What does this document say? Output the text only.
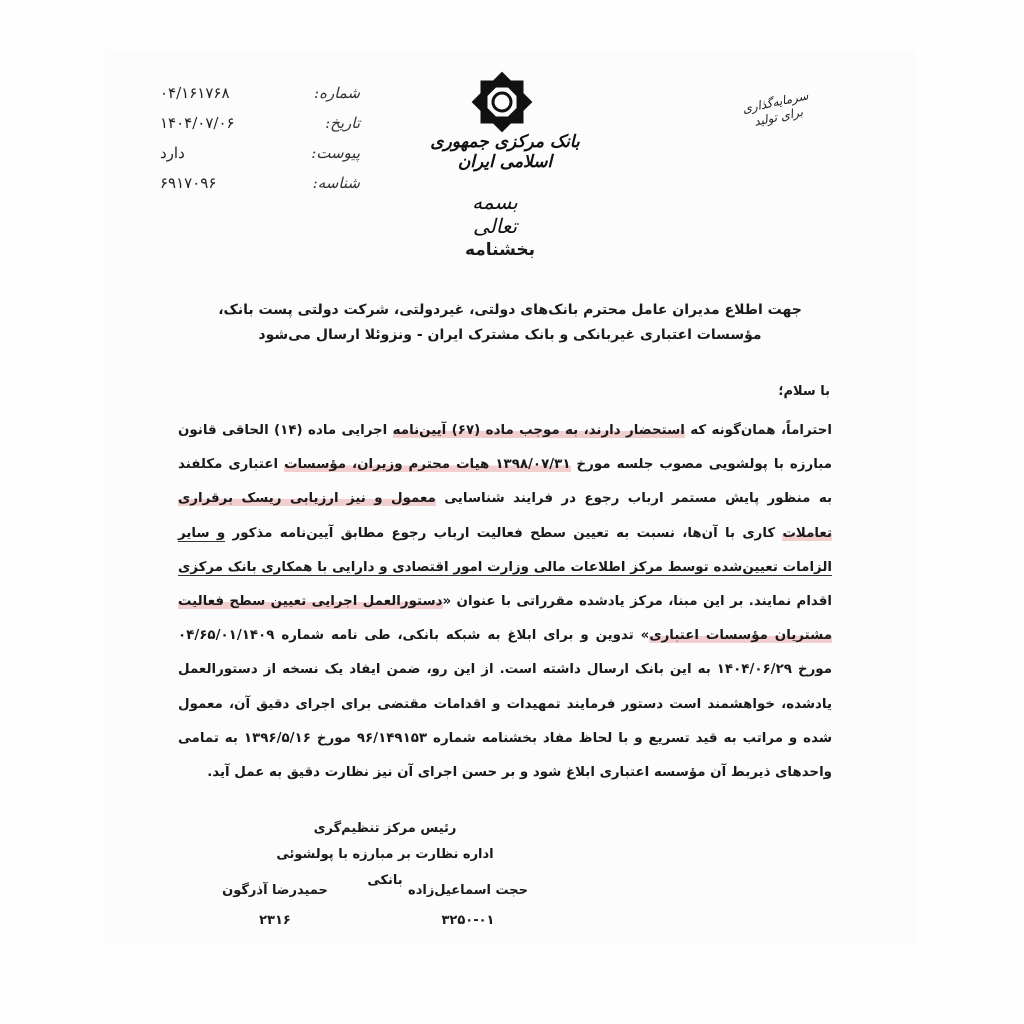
شماره:
۰۴/۱۶۱۷۶۸
تاریخ:
۱۴۰۴/۰۷/۰۶
پیوست:
دارد
شناسه:
۶۹۱۷۰۹۶
بانک مرکزی جمهوری اسلامی ایران
بسمه تعالی
بخشنامه
سرمایه‌گذاری برای تولید
جهت اطلاع مدیران عامل محترم بانک‌های دولتی، غیردولتی، شرکت دولتی پست بانک، مؤسسات اعتباری غیربانکی و بانک مشترک ایران - ونزوئلا ارسال می‌شود
با سلام؛
احتراماً، همان‌گونه که استحضار دارند، به موجب ماده (۶۷) آیین‌نامه اجرایی ماده (۱۴) الحاقی قانون مبارزه با پولشویی مصوب جلسه مورخ ۱۳۹۸/۰۷/۳۱ هیات محترم وزیران، مؤسسات اعتباری مکلفند به منظور پایش مستمر ارباب رجوع در فرایند شناسایی معمول و نیز ارزیابی ریسک برقراری تعاملات کاری با آن‌ها، نسبت به تعیین سطح فعالیت ارباب رجوع مطابق آیین‌نامه مذکور و سایر الزامات تعیین‌شده توسط مرکز اطلاعات مالی وزارت امور اقتصادی و دارایی با همکاری بانک مرکزی اقدام نمایند. بر این مبنا، مرکز یادشده مقرراتی با عنوان «دستورالعمل اجرایی تعیین سطح فعالیت مشتریان مؤسسات اعتباری» تدوین و برای ابلاغ به شبکه بانکی، طی نامه شماره ۰۴/۶۵/۰۱/۱۴۰۹ مورخ ۱۴۰۴/۰۶/۲۹ به این بانک ارسال داشته است. از این رو، ضمن ایفاد یک نسخه از دستورالعمل یادشده، خواهشمند است دستور فرمایند تمهیدات و اقدامات مقتضی برای اجرای دقیق آن، معمول شده و مراتب به قید تسریع و با لحاظ مفاد بخشنامه شماره ۹۶/۱۴۹۱۵۳ مورخ ۱۳۹۶/۵/۱۶ به تمامی واحدهای ذیربط آن مؤسسه اعتباری ابلاغ شود و بر حسن اجرای آن نیز نظارت دقیق به عمل آید.
رئیس مرکز تنظیم‌گری
اداره نظارت بر مبارزه با پولشوئی بانکی
حجت اسماعیل‌زاده
۳۲۵۰-۰۱
حمیدرضا آذرگون
۲۳۱۶
